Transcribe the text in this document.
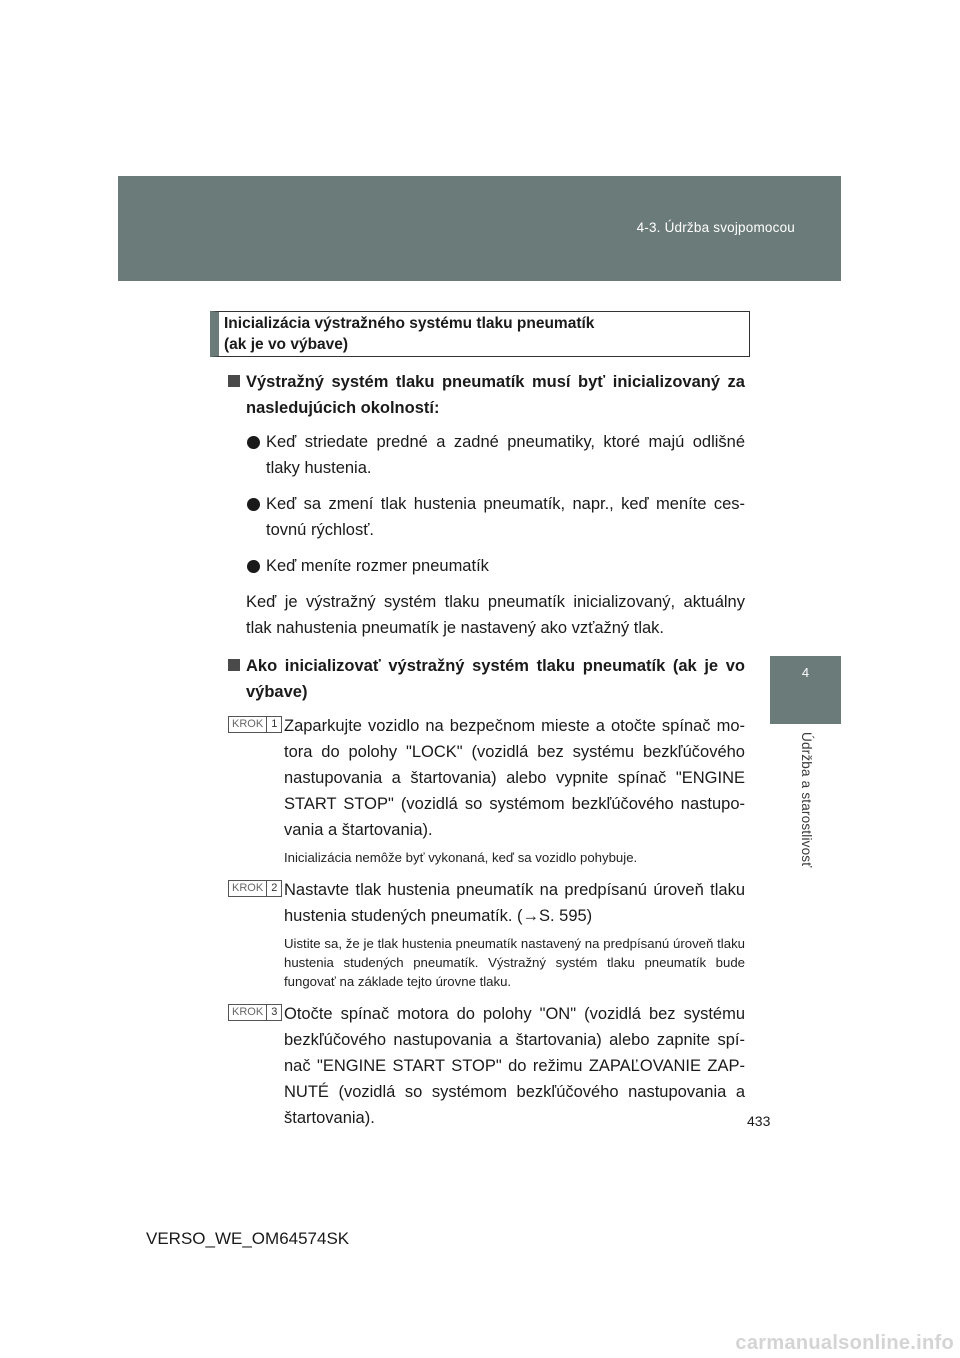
4-3. Údržba svojpomocou
4
Údržba a starostlivosť
Inicializácia výstražného systému tlaku pneumatík
(ak je vo výbave)
Výstražný systém tlaku pneumatík musí byť inicializovaný za nasledujúcich okolností:
Keď striedate predné a zadné pneumatiky, ktoré majú odlišné tlaky hustenia.
Keď sa zmení tlak hustenia pneumatík, napr., keď meníte ces-tovnú rýchlosť.
Keď meníte rozmer pneumatík
Keď je výstražný systém tlaku pneumatík inicializovaný, aktuálny tlak nahustenia pneumatík je nastavený ako vzťažný tlak.
Ako inicializovať výstražný systém tlaku pneumatík (ak je vo výbave)
KROK 1 Zaparkujte vozidlo na bezpečnom mieste a otočte spínač mo-tora do polohy "LOCK" (vozidlá bez systému bezkľúčového nastupovania a štartovania) alebo vypnite spínač "ENGINE START STOP" (vozidlá so systémom bezkľúčového nastupo-vania a štartovania).
Inicializácia nemôže byť vykonaná, keď sa vozidlo pohybuje.
KROK 2 Nastavte tlak hustenia pneumatík na predpísanú úroveň tlaku hustenia studených pneumatík. (→S. 595)
Uistite sa, že je tlak hustenia pneumatík nastavený na predpísanú úroveň tlaku hustenia studených pneumatík. Výstražný systém tlaku pneumatík bude fungovať na základe tejto úrovne tlaku.
KROK 3 Otočte spínač motora do polohy "ON" (vozidlá bez systému bezkľúčového nastupovania a štartovania) alebo zapnite spí-nač "ENGINE START STOP" do režimu ZAPAĽOVANIE ZAP-NUTÉ (vozidlá so systémom bezkľúčového nastupovania a štartovania).	433
VERSO_WE_OM64574SK
carmanualsonline.info
